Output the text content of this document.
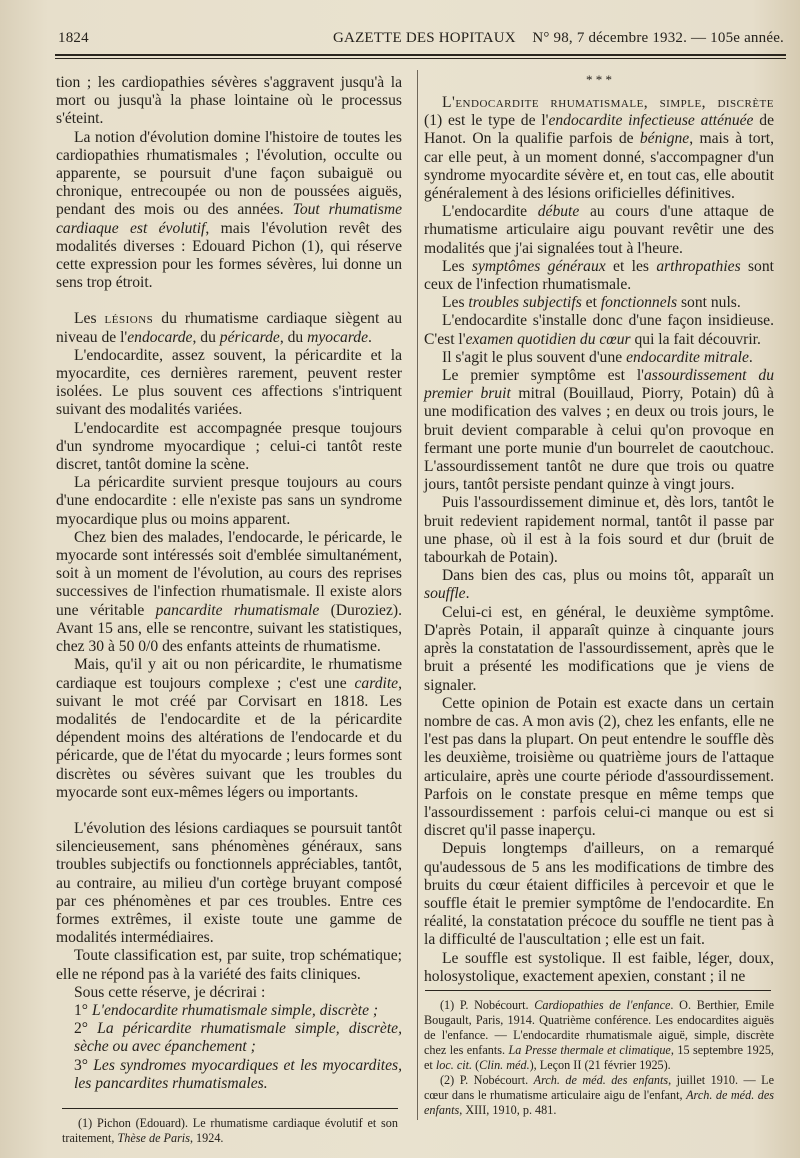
1824	GAZETTE DES HOPITAUX N° 98, 7 décembre 1932. — 105e année.

tion ; les cardiopathies sévères s'aggravent jusqu'à la mort ou jusqu'à la phase lointaine où le processus s'éteint.

La notion d'évolution domine l'histoire de toutes les cardiopathies rhumatismales ; l'évolution, occulte ou apparente, se poursuit d'une façon subaiguë ou chronique, entrecoupée ou non de poussées aiguës, pendant des mois ou des années. Tout rhumatisme cardiaque est évolutif, mais l'évolution revêt des modalités diverses : Edouard Pichon (1), qui réserve cette expression pour les formes sévères, lui donne un sens trop étroit.

Les lésions du rhumatisme cardiaque siègent au niveau de l'endocarde, du péricarde, du myocarde.

L'endocardite, assez souvent, la péricardite et la myocardite, ces dernières rarement, peuvent rester isolées. Le plus souvent ces affections s'intriquent suivant des modalités variées.

L'endocardite est accompagnée presque toujours d'un syndrome myocardique ; celui-ci tantôt reste discret, tantôt domine la scène.

La péricardite survient presque toujours au cours d'une endocardite : elle n'existe pas sans un syndrome myocardique plus ou moins apparent.

Chez bien des malades, l'endocarde, le péricarde, le myocarde sont intéressés soit d'emblée simultanément, soit à un moment de l'évolution, au cours des reprises successives de l'infection rhumatismale. Il existe alors une véritable pancardite rhumatismale (Duroziez). Avant 15 ans, elle se rencontre, suivant les statistiques, chez 30 à 50 0/0 des enfants atteints de rhumatisme.

Mais, qu'il y ait ou non péricardite, le rhumatisme cardiaque est toujours complexe ; c'est une cardite, suivant le mot créé par Corvisart en 1818. Les modalités de l'endocardite et de la péricardite dépendent moins des altérations de l'endocarde et du péricarde, que de l'état du myocarde ; leurs formes sont discrètes ou sévères suivant que les troubles du myocarde sont eux-mêmes légers ou importants.

L'évolution des lésions cardiaques se poursuit tantôt silencieusement, sans phénomènes généraux, sans troubles subjectifs ou fonctionnels appréciables, tantôt, au contraire, au milieu d'un cortège bruyant composé par ces phénomènes et par ces troubles. Entre ces formes extrêmes, il existe toute une gamme de modalités intermédiaires.

Toute classification est, par suite, trop schématique; elle ne répond pas à la variété des faits cliniques.

Sous cette réserve, je décrirai :

1° L'endocardite rhumatismale simple, discrète ;

2° La péricardite rhumatismale simple, discrète, sèche ou avec épanchement ;

3° Les syndromes myocardiques et les myocardites, les pancardites rhumatismales.

(1) Pichon (Edouard). Le rhumatisme cardiaque évolutif et son traitement, Thèse de Paris, 1924.

* * *

L'endocardite rhumatismale, simple, discrète (1) est le type de l'endocardite infectieuse atténuée de Hanot. On la qualifie parfois de bénigne, mais à tort, car elle peut, à un moment donné, s'accompagner d'un syndrome myocardite sévère et, en tout cas, elle aboutit généralement à des lésions orificielles définitives.

L'endocardite débute au cours d'une attaque de rhumatisme articulaire aigu pouvant revêtir une des modalités que j'ai signalées tout à l'heure.

Les symptômes généraux et les arthropathies sont ceux de l'infection rhumatismale.

Les troubles subjectifs et fonctionnels sont nuls.

L'endocardite s'installe donc d'une façon insidieuse. C'est l'examen quotidien du cœur qui la fait découvrir.

Il s'agit le plus souvent d'une endocardite mitrale.

Le premier symptôme est l'assourdissement du premier bruit mitral (Bouillaud, Piorry, Potain) dû à une modification des valves ; en deux ou trois jours, le bruit devient comparable à celui qu'on provoque en fermant une porte munie d'un bourrelet de caoutchouc. L'assourdissement tantôt ne dure que trois ou quatre jours, tantôt persiste pendant quinze à vingt jours.

Puis l'assourdissement diminue et, dès lors, tantôt le bruit redevient rapidement normal, tantôt il passe par une phase, où il est à la fois sourd et dur (bruit de tabourkah de Potain).

Dans bien des cas, plus ou moins tôt, apparaît un souffle.

Celui-ci est, en général, le deuxième symptôme. D'après Potain, il apparaît quinze à cinquante jours après la constatation de l'assourdissement, après que le bruit a présenté les modifications que je viens de signaler.

Cette opinion de Potain est exacte dans un certain nombre de cas. A mon avis (2), chez les enfants, elle ne l'est pas dans la plupart. On peut entendre le souffle dès les deuxième, troisième ou quatrième jours de l'attaque articulaire, après une courte période d'assourdissement. Parfois on le constate presque en même temps que l'assourdissement : parfois celui-ci manque ou est si discret qu'il passe inaperçu.

Depuis longtemps d'ailleurs, on a remarqué qu'audessous de 5 ans les modifications de timbre des bruits du cœur étaient difficiles à percevoir et que le souffle était le premier symptôme de l'endocardite. En réalité, la constatation précoce du souffle ne tient pas à la difficulté de l'auscultation ; elle est un fait.

Le souffle est systolique. Il est faible, léger, doux, holosystolique, exactement apexien, constant ; il ne

(1) P. Nobécourt. Cardiopathies de l'enfance. O. Berthier, Emile Bougault, Paris, 1914. Quatrième conférence. Les endocardites aiguës de l'enfance. — L'endocardite rhumatismale aiguë, simple, discrète chez les enfants. La Presse thermale et climatique, 15 septembre 1925, et loc. cit. (Clin. méd.), Leçon II (21 février 1925).

(2) P. Nobécourt. Arch. de méd. des enfants, juillet 1910. — Le cœur dans le rhumatisme articulaire aigu de l'enfant, Arch. de méd. des enfants, XIII, 1910, p. 481.
